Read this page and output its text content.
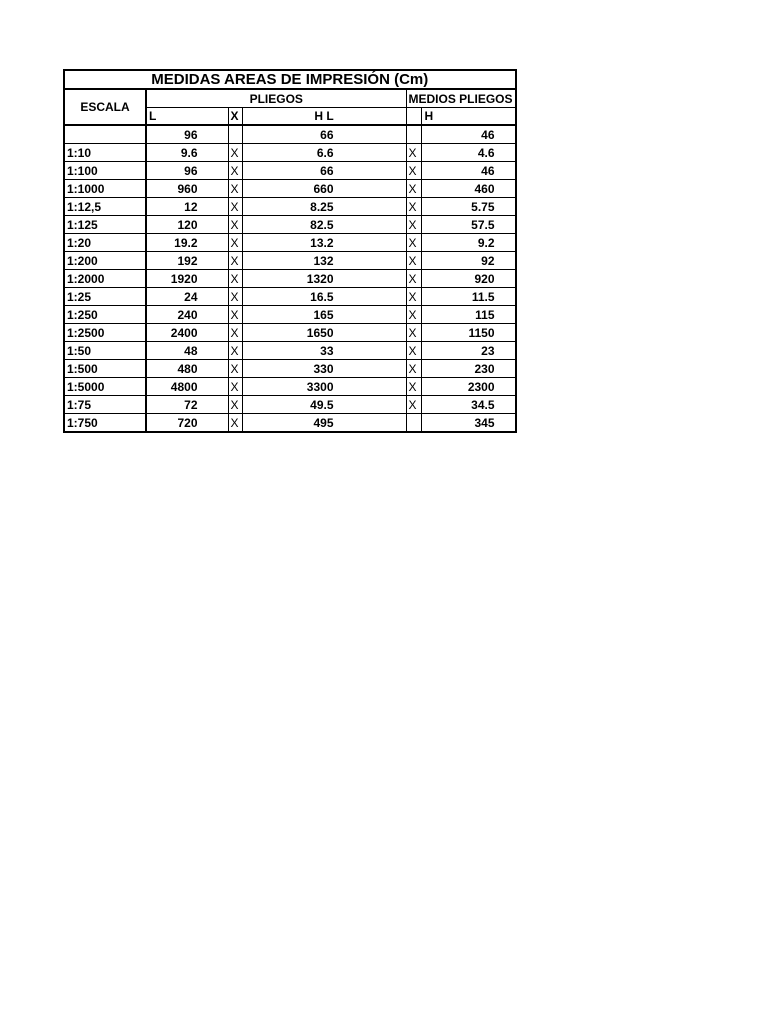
MEDIDAS AREAS DE IMPRESIÓN (Cm)					
ESCALA	PLIEGOS			MEDIOS PLIEGOS	
	L	X	H L		H
	96		66		46
1:10	9.6	X	6.6	X	4.6
1:100	96	X	66	X	46
1:1000	960	X	660	X	460
1:12,5	12	X	8.25	X	5.75
1:125	120	X	82.5	X	57.5
1:20	19.2	X	13.2	X	9.2
1:200	192	X	132	X	92
1:2000	1920	X	1320	X	920
1:25	24	X	16.5	X	11.5
1:250	240	X	165	X	115
1:2500	2400	X	1650	X	1150
1:50	48	X	33	X	23
1:500	480	X	330	X	230
1:5000	4800	X	3300	X	2300
1:75	72	X	49.5	X	34.5
1:750	720	X	495		345
